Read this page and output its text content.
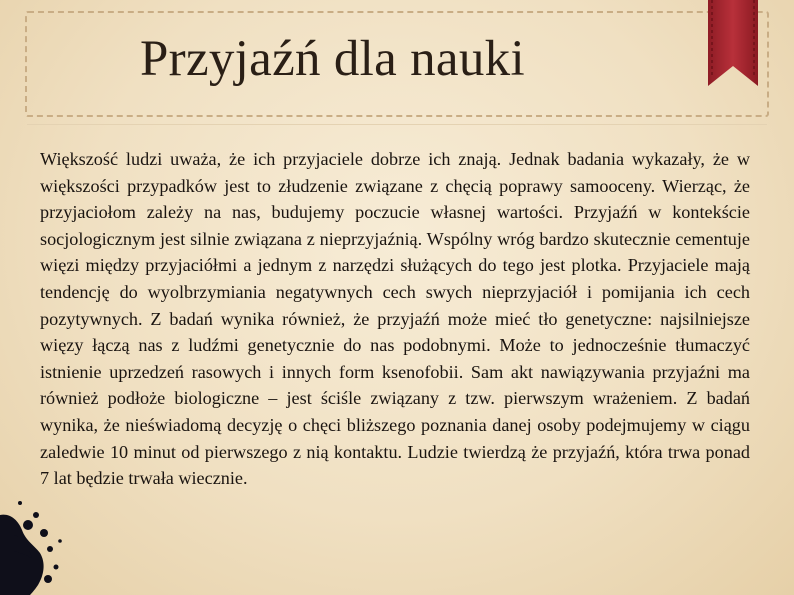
Przyjaźń dla nauki
Większość ludzi uważa, że ich przyjaciele dobrze ich znają. Jednak badania wykazały, że w większości przypadków jest to złudzenie związane z chęcią poprawy samooceny. Wierząc, że przyjaciołom zależy na nas, budujemy poczucie własnej wartości. Przyjaźń w kontekście socjologicznym jest silnie związana z nieprzyjaźnią. Wspólny wróg bardzo skutecznie cementuje więzi między przyjaciółmi a jednym z narzędzi służących do tego jest plotka. Przyjaciele mają tendencję do wyolbrzymiania negatywnych cech swych nieprzyjaciół i pomijania ich cech pozytywnych. Z badań wynika również, że przyjaźń może mieć tło genetyczne: najsilniejsze więzy łączą nas z ludźmi genetycznie do nas podobnymi. Może to jednocześnie tłumaczyć istnienie uprzedzeń rasowych i innych form ksenofobii. Sam akt nawiązywania przyjaźni ma również podłoże biologiczne – jest ściśle związany z tzw. pierwszym wrażeniem. Z badań wynika, że nieświadomą decyzję o chęci bliższego poznania danej osoby podejmujemy w ciągu zaledwie 10 minut od pierwszego z nią kontaktu. Ludzie twierdzą że przyjaźń, która trwa ponad 7 lat będzie trwała wiecznie.
